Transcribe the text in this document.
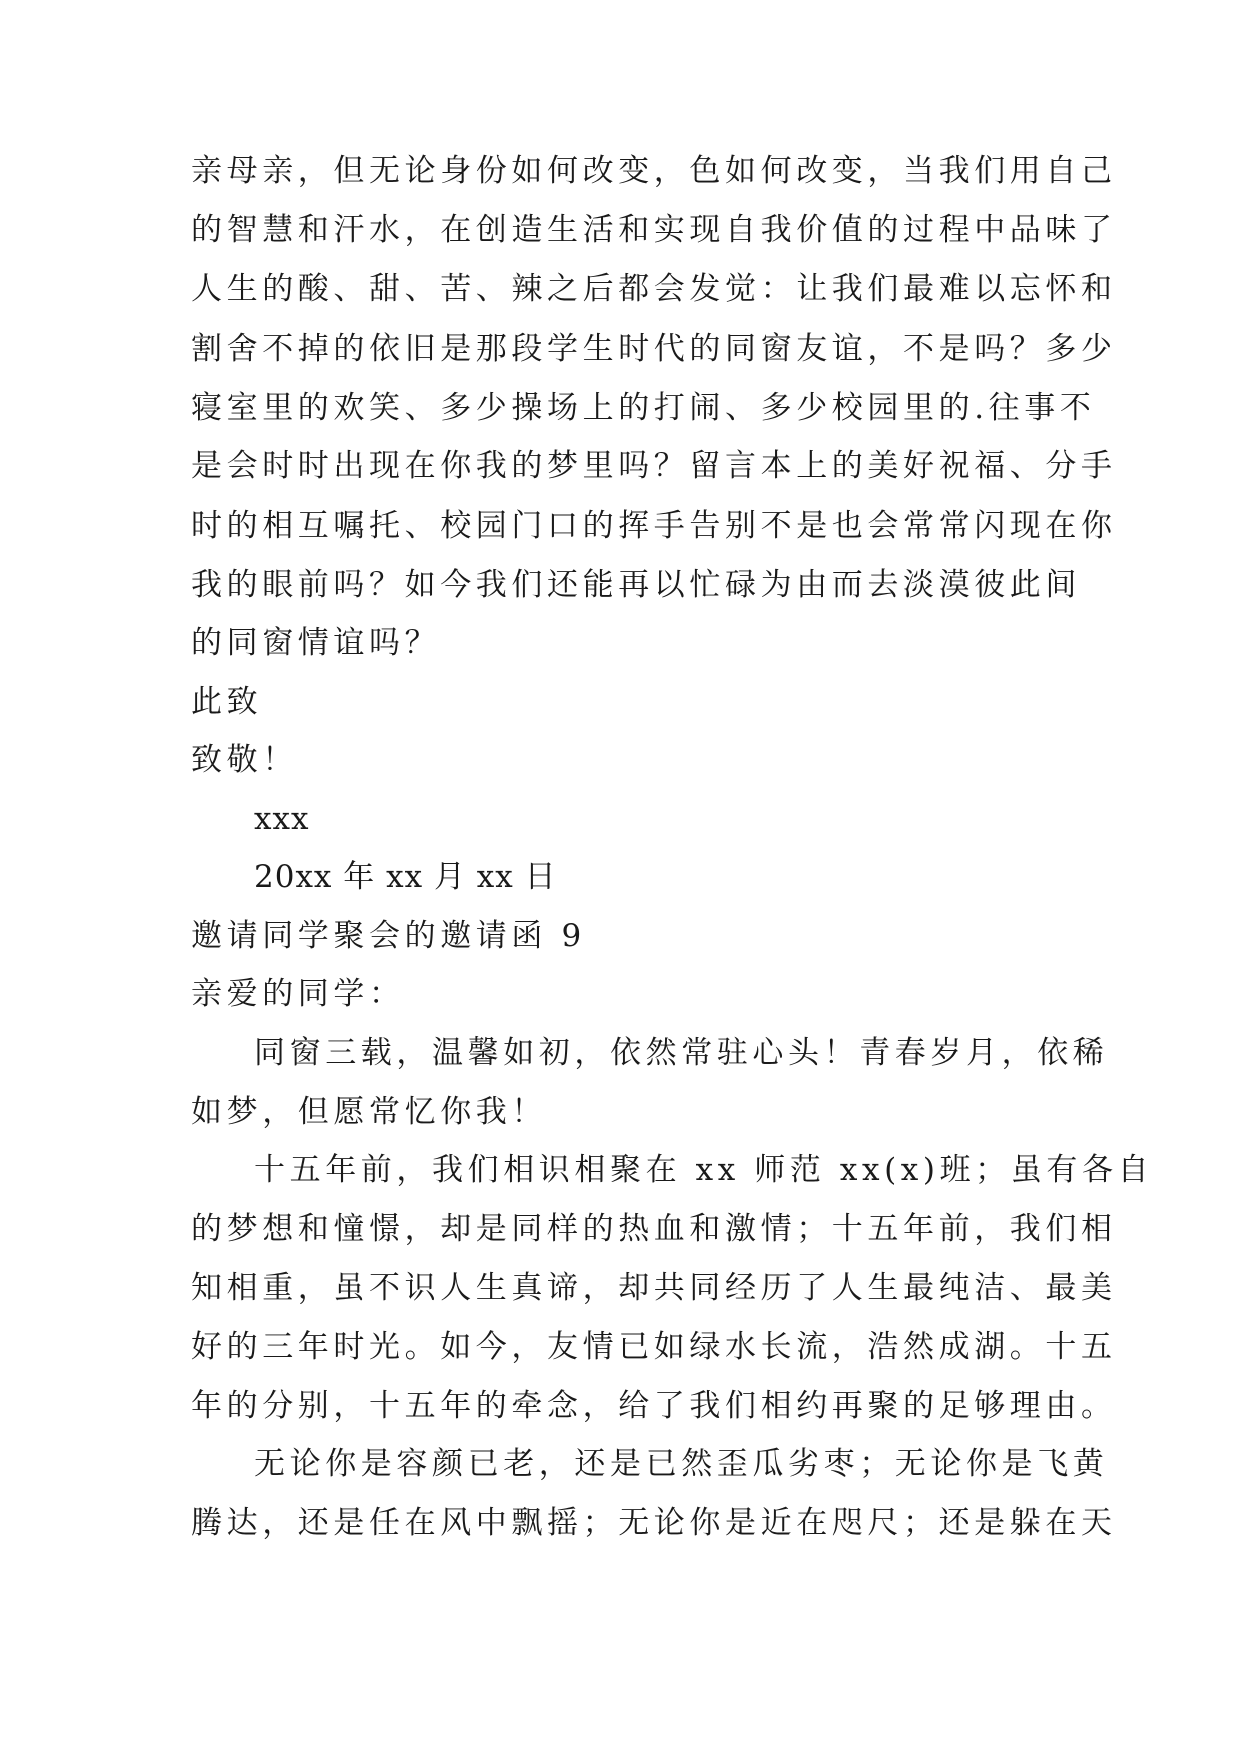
亲母亲，但无论身份如何改变，色如何改变，当我们用自己
的智慧和汗水，在创造生活和实现自我价值的过程中品味了
人生的酸、甜、苦、辣之后都会发觉：让我们最难以忘怀和
割舍不掉的依旧是那段学生时代的同窗友谊，不是吗？多少
寝室里的欢笑、多少操场上的打闹、多少校园里的.往事不
是会时时出现在你我的梦里吗？留言本上的美好祝福、分手
时的相互嘱托、校园门口的挥手告别不是也会常常闪现在你
我的眼前吗？如今我们还能再以忙碌为由而去淡漠彼此间
的同窗情谊吗？
此致
致敬！
xxx
20xx 年 xx 月 xx 日
邀请同学聚会的邀请函 9
亲爱的同学：
同窗三载，温馨如初，依然常驻心头！青春岁月，依稀
如梦，但愿常忆你我！
十五年前，我们相识相聚在 xx 师范 xx(x)班；虽有各自
的梦想和憧憬，却是同样的热血和激情；十五年前，我们相
知相重，虽不识人生真谛，却共同经历了人生最纯洁、最美
好的三年时光。如今，友情已如绿水长流，浩然成湖。十五
年的分别，十五年的牵念，给了我们相约再聚的足够理由。
无论你是容颜已老，还是已然歪瓜劣枣；无论你是飞黄
腾达，还是任在风中飘摇；无论你是近在咫尺；还是躲在天
